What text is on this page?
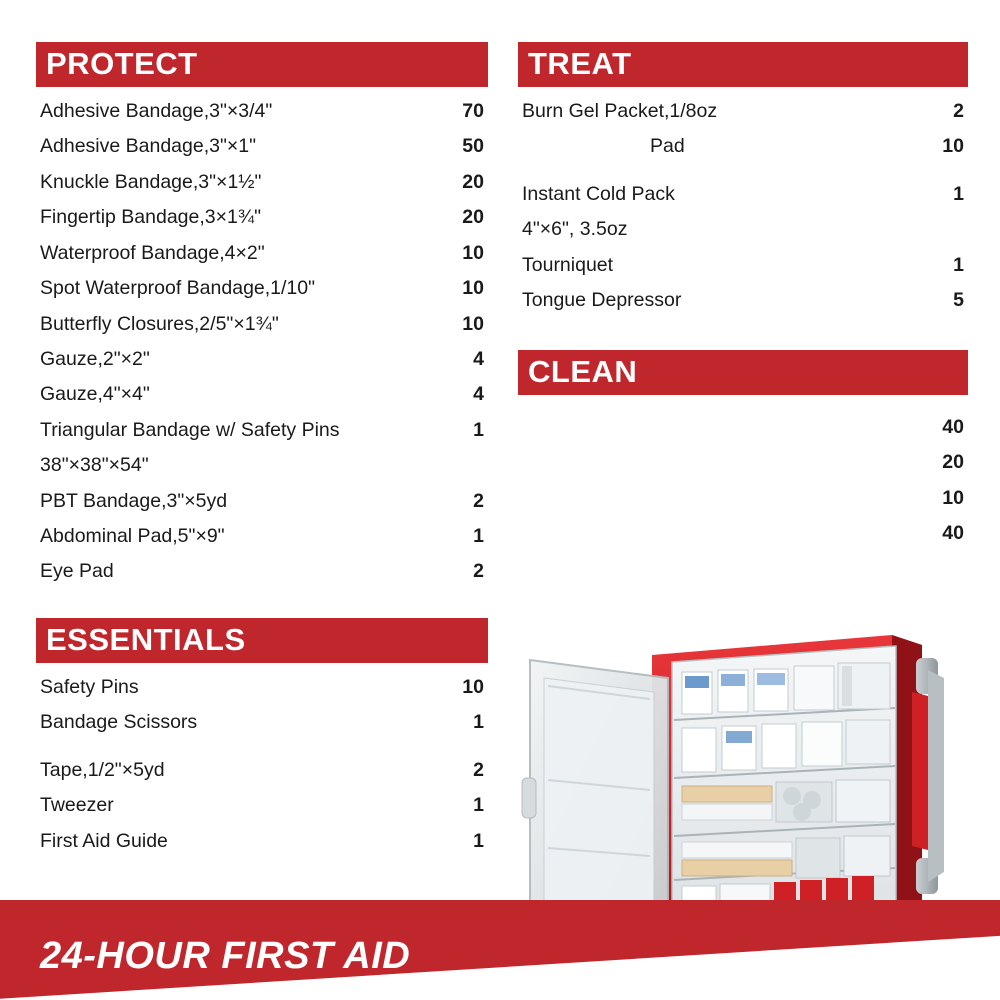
PROTECT
Adhesive Bandage,3"×3/4"	70
Adhesive Bandage,3"×1"	50
Knuckle Bandage,3"×1½"	20
Fingertip Bandage,3×1¾"	20
Waterproof Bandage,4×2"	10
Spot Waterproof Bandage,1/10"	10
Butterfly Closures,2/5"×1¾"	10
Gauze,2"×2"	4
Gauze,4"×4"	4
Triangular Bandage w/ Safety Pins	1
38"×38"×54"
PBT Bandage,3"×5yd	2
Abdominal Pad,5"×9"	1
Eye Pad	2
TREAT
Burn Gel Packet,1/8oz	2
Pad	10
Instant Cold Pack	1
4"×6", 3.5oz
Tourniquet	1
Tongue Depressor	5
CLEAN
40
20
10
40
ESSENTIALS
Safety Pins	10
Bandage Scissors	1
Tape,1/2"×5yd	2
Tweezer	1
First Aid Guide	1
24-HOUR FIRST AID
